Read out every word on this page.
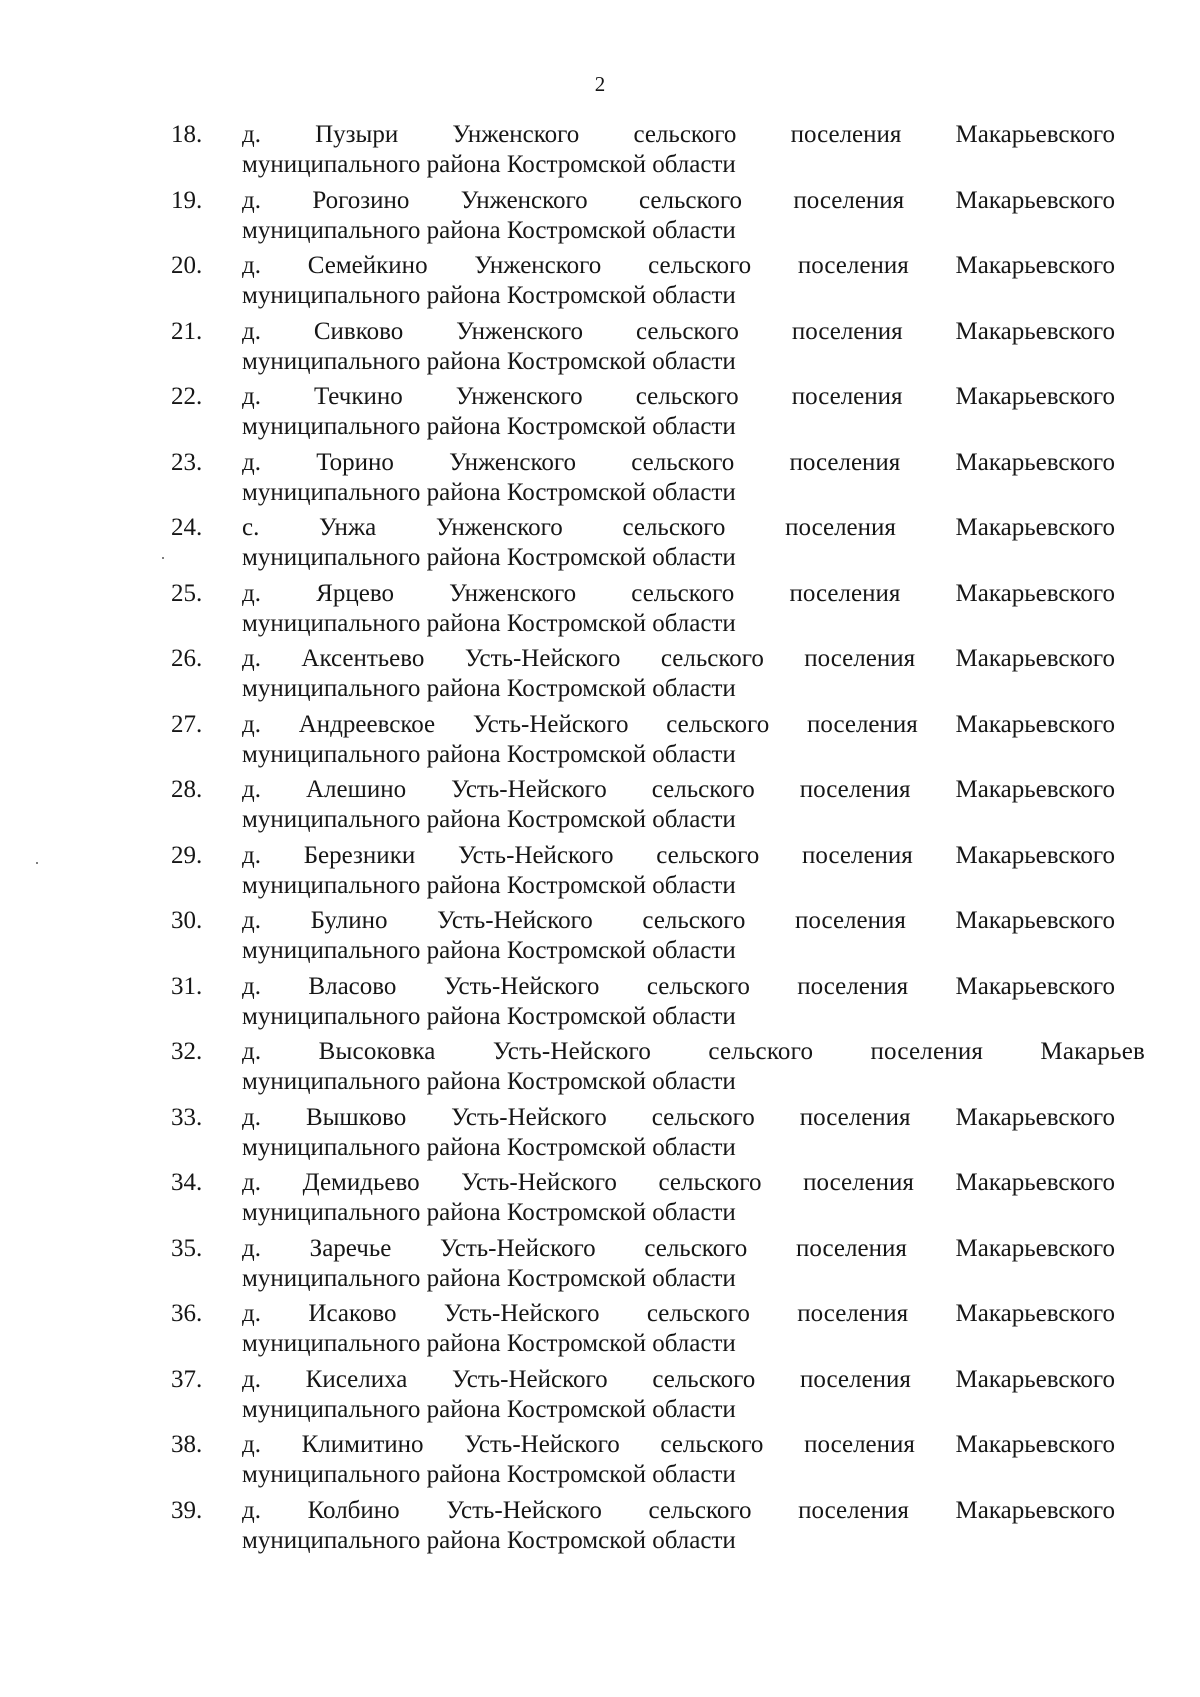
2
18. д. Пузыри Унженского сельского поселения Макарьевского
муниципального района Костромской области
19. д. Рогозино Унженского сельского поселения Макарьевского
муниципального района Костромской области
20. д. Семейкино Унженского сельского поселения Макарьевского
муниципального района Костромской области
21. д. Сивково Унженского сельского поселения Макарьевского
муниципального района Костромской области
22. д. Течкино Унженского сельского поселения Макарьевского
муниципального района Костромской области
23. д. Торино Унженского сельского поселения Макарьевского
муниципального района Костромской области
24. с. Унжа Унженского сельского поселения Макарьевского
муниципального района Костромской области
25. д. Ярцево Унженского сельского поселения Макарьевского
муниципального района Костромской области
26. д. Аксентьево Усть-Нейского сельского поселения Макарьевского
муниципального района Костромской области
27. д. Андреевское Усть-Нейского сельского поселения Макарьевского
муниципального района Костромской области
28. д. Алешино Усть-Нейского сельского поселения Макарьевского
муниципального района Костромской области
29. д. Березники Усть-Нейского сельского поселения Макарьевского
муниципального района Костромской области
30. д. Булино Усть-Нейского сельского поселения Макарьевского
муниципального района Костромской области
31. д. Власово Усть-Нейского сельского поселения Макарьевского
муниципального района Костромской области
32. д. Высоковка Усть-Нейского сельского поселения Макарьев
муниципального района Костромской области
33. д. Вышково Усть-Нейского сельского поселения Макарьевского
муниципального района Костромской области
34. д. Демидьево Усть-Нейского сельского поселения Макарьевского
муниципального района Костромской области
35. д. Заречье Усть-Нейского сельского поселения Макарьевского
муниципального района Костромской области
36. д. Исаково Усть-Нейского сельского поселения Макарьевского
муниципального района Костромской области
37. д. Киселиха Усть-Нейского сельского поселения Макарьевского
муниципального района Костромской области
38. д. Климитино Усть-Нейского сельского поселения Макарьевского
муниципального района Костромской области
39. д. Колбино Усть-Нейского сельского поселения Макарьевского
муниципального района Костромской области
